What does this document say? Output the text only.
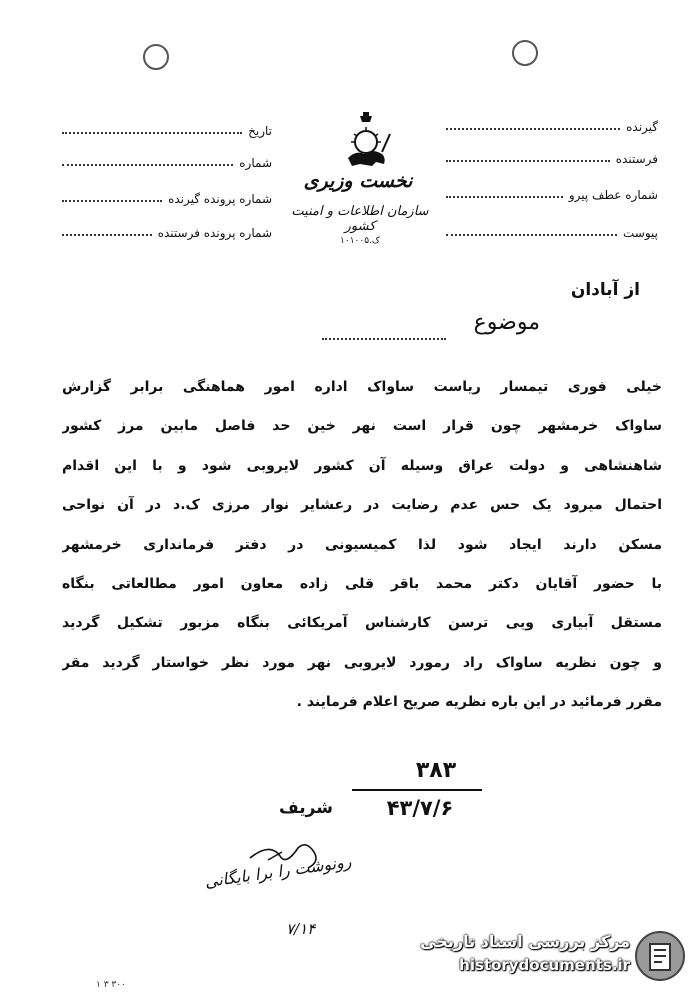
گیرنده
فرستنده
شماره عطف پیرو
پیوست
تاریخ
شماره
شماره پرونده گیرنده
شماره پرونده فرستنده
نخست وزیری
سازمان اطلاعات و امنیت کشور
ک.۱۰۱۰۰۵
از آبادان
موضوع
خیلی فوری تیمسار ریاست ساواک اداره امور هماهنگی برابر گزارش
ساواک خرمشهر چون قرار است نهر خین حد فاصل مابین مرز کشور
شاهنشاهی و دولت عراق وسیله آن کشور لایروبی شود و با این اقدام
احتمال میرود یک حس عدم رضایت در رعشایر نوار مرزی ک.د در آن نواحی
مسکن دارند ایجاد شود لذا کمیسیونی در دفتر فرمانداری خرمشهر
با حضور آقایان دکتر محمد باقر قلی زاده معاون امور مطالعاتی بنگاه
مستقل آبیاری ویی ترسن کارشناس آمریکائی بنگاه مزبور تشکیل گردید
و چون نظریه ساواک راد رمورد لایروبی نهر مورد نظر خواستار گردید مقر
مقرر فرمائید در این باره نظریه صریح اعلام فرمایند .
۳۸۳
۴۳/۷/۶
شریف
رونوشت را برا بایگانی
۷/۱۴
۱ ۳ ۳۰۰
مرکز بررسی اسناد تاریخی
historydocuments.ir
